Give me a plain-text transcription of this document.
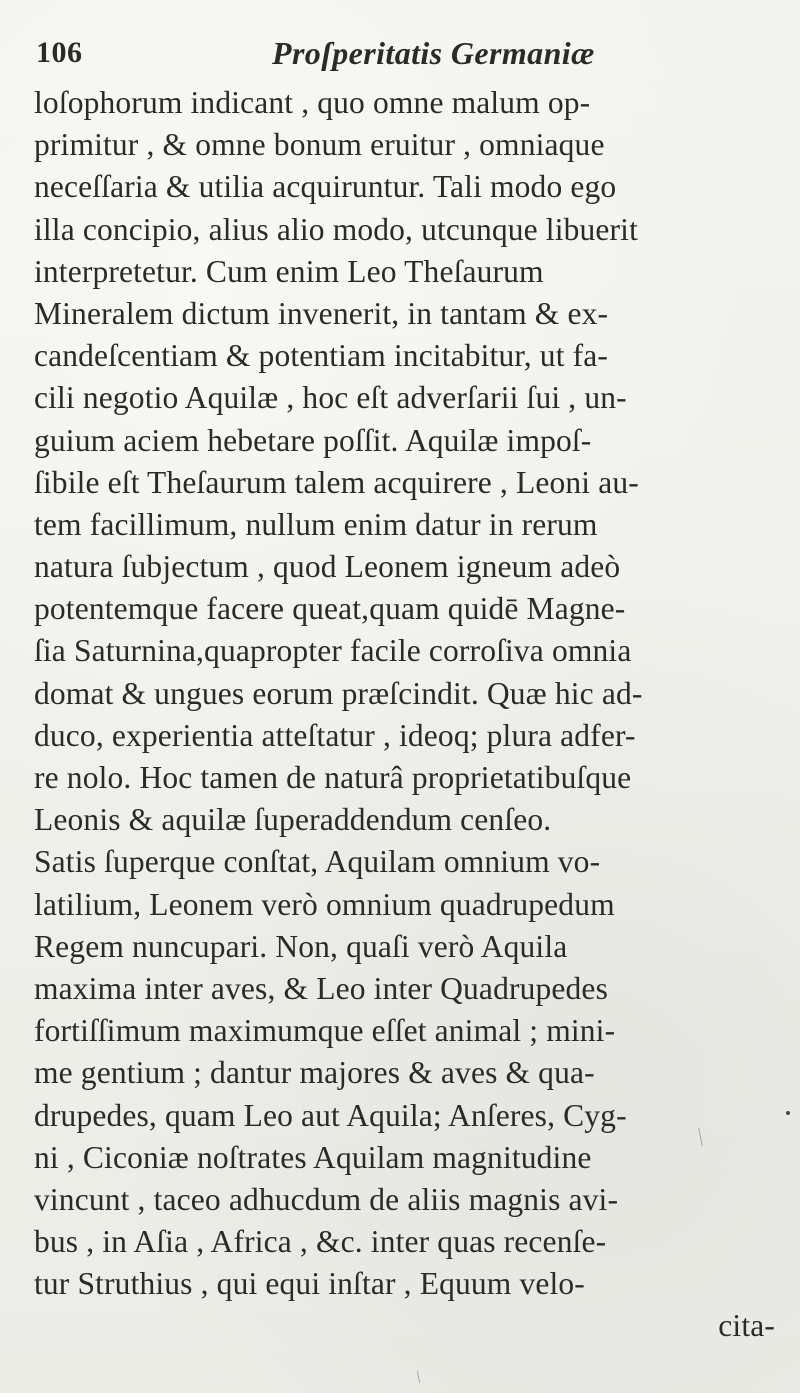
106	Proſperitatis Germaniæ
loſophorum indicant , quo omne malum op-
primitur , & omne bonum eruitur , omniaque
neceſſaria & utilia acquiruntur. Tali modo ego
illa concipio, alius alio modo, utcunque libuerit
interpretetur. Cum enim Leo Theſaurum
Mineralem dictum invenerit, in tantam & ex-
candeſcentiam & potentiam incitabitur, ut fa-
cili negotio Aquilæ , hoc eſt adverſarii ſui , un-
guium aciem hebetare poſſit. Aquilæ impoſ-
ſibile eſt Theſaurum talem acquirere , Leoni au-
tem facillimum, nullum enim datur in rerum
natura ſubjectum , quod Leonem igneum adeò
potentemque facere queat,quam quidē Magne-
ſia Saturnina,quapropter facile corroſiva omnia
domat & ungues eorum præſcindit. Quæ hic ad-
duco, experientia atteſtatur , ideoq; plura adfer-
re nolo. Hoc tamen de naturâ proprietatibuſque
Leonis & aquilæ ſuperaddendum cenſeo.
Satis ſuperque conſtat, Aquilam omnium vo-
latilium, Leonem verò omnium quadrupedum
Regem nuncupari. Non, quaſi verò Aquila
maxima inter aves, & Leo inter Quadrupedes
fortiſſimum maximumque eſſet animal ; mini-
me gentium ; dantur majores & aves & qua-
drupedes, quam Leo aut Aquila; Anſeres, Cyg-
ni , Ciconiæ noſtrates Aquilam magnitudine
vincunt , taceo adhucdum de aliis magnis avi-
bus , in Aſia , Africa , &c. inter quas recenſe-
tur Struthius , qui equi inſtar , Equum velo-
cita-
